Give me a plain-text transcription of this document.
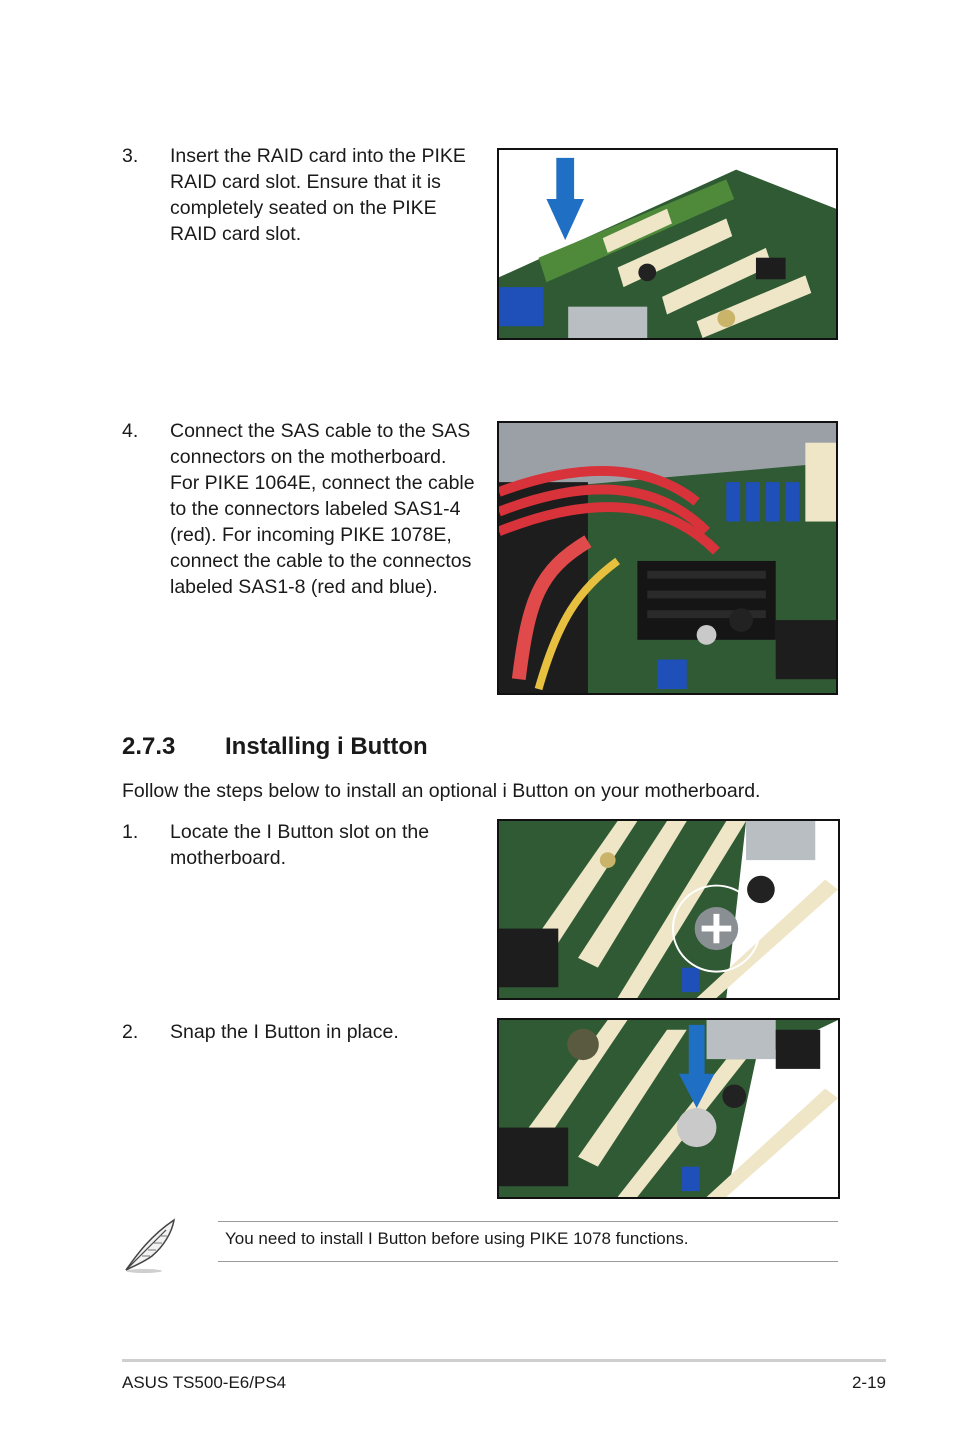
3. Insert the RAID card into the PIKE
RAID card slot. Ensure that it is
completely seated on the PIKE
RAID card slot.
4. Connect the SAS cable to the SAS
connectors on the motherboard.
For PIKE 1064E, connect the cable
to the connectors labeled SAS1-4
(red). For incoming PIKE 1078E,
connect the cable to the connectos
labeled SAS1-8 (red and blue).
2.7.3 Installing i Button
Follow the steps below to install an optional i Button on your motherboard.
1. Locate the I Button slot on the
motherboard.
2. Snap the I Button in place.
You need to install I Button before using PIKE 1078 functions.
ASUS TS500-E6/PS4	2-19
